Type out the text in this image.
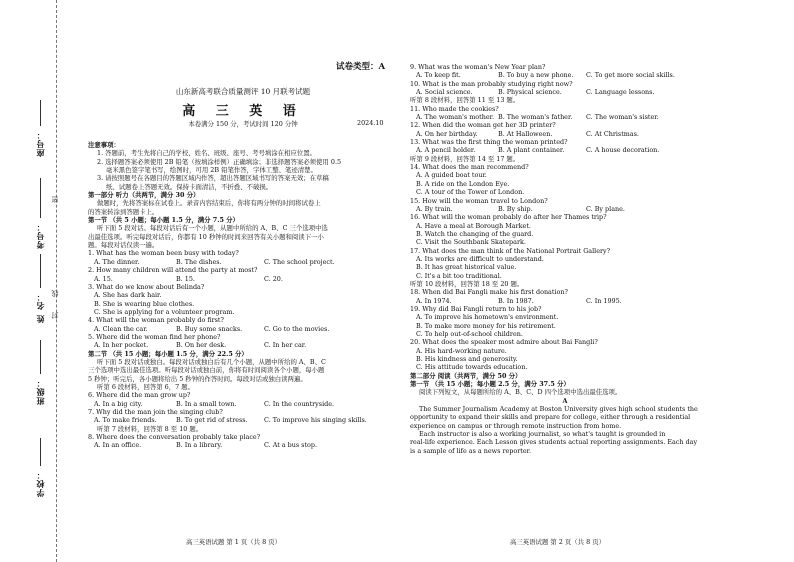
学校：
班级：
姓 名：
考号：
座号：
线
封
密
试卷类型：A
山东新高考联合质量测评 10 月联考试题
高 三 英 语
本卷满分 150 分，考试时间 120 分钟	2024.10
注意事项：
1. 答题前，考生先将自己的学校、姓名、班级、座号、考号填涂在相应位置。
2. 选择题答案必须使用 2B 铅笔（按填涂样例）正确填涂；非选择题答案必须使用 0.5
毫米黑色签字笔书写，绘图时，可用 2B 铅笔作答，字体工整、笔迹清楚。
3. 请按照题号在各题目的答题区域内作答，超出答题区域书写的答案无效；在草稿
纸、试题卷上答题无效。保持卡面清洁，不折叠、不破损。
第一部分 听力（共两节，满分 30 分）
做题时，先将答案标在试卷上。录音内容结束后，你将有两分钟的时间将试卷上
的答案转涂到答题卡上。
第一节 （共 5 小题；每小题 1.5 分，满分 7.5 分）
听下面 5 段对话。每段对话后有一个小题，从题中所给的 A、B、C 三个选项中选
出最佳选项。听完每段对话后，你都有 10 秒钟的时间来回答有关小题和阅读下一小
题。每段对话仅读一遍。
1. What has the woman been busy with today?
A. The dinner.	B. The dishes.	C. The school project.
2. How many children will attend the party at most?
A. 15.	B. 15.	C. 20.
3. What do we know about Belinda?
A. She has dark hair.
B. She is wearing blue clothes.
C. She is applying for a volunteer program.
4. What will the woman probably do first?
A. Clean the car.	B. Buy some snacks.	C. Go to the movies.
5. Where did the woman find her phone?
A. In her pocket.	B. On her desk.	C. In her car.
第二节 （共 15 小题；每小题 1.5 分，满分 22.5 分）
听下面 5 段对话或独白。每段对话或独白后有几个小题，从题中所给的 A、B、C
三个选项中选出最佳选项。听每段对话或独白前，你将有时间阅读各个小题，每小题
5 秒钟；听完后，各小题将给出 5 秒钟的作答时间。每段对话或独白读两遍。
听第 6 段材料，回答第 6，7 题。
6. Where did the man grow up?
A. In a big city.	B. In a small town.	C. In the countryside.
7. Why did the man join the singing club?
A. To make friends.	B. To get rid of stress.	C. To improve his singing skills.
听第 7 段材料，回答第 8 至 10 题。
8. Where does the conversation probably take place?
A. In an office.	B. In a library.	C. At a bus stop.
9. What was the woman's New Year plan?
A. To keep fit.	B. To buy a new phone. C. To get more social skills.
10. What is the man probably studying right now?
A. Social science.	B. Physical science.	C. Language lessons.
听第 8 段材料，回答第 11 至 13 题。
11. Who made the cookies?
A. The woman's mother. B. The woman's father. C. The woman's sister.
12. When did the woman get her 3D printer?
A. On her birthday.	B. At Halloween.	C. At Christmas.
13. What was the first thing the woman printed?
A. A pencil holder.	B. A plant container.	C. A house decoration.
听第 9 段材料，回答第 14 至 17 题。
14. What does the man recommend?
A. A guided boat tour.
B. A ride on the London Eye.
C. A tour of the Tower of London.
15. How will the woman travel to London?
A. By train.	B. By ship.	C. By plane.
16. What will the woman probably do after her Thames trip?
A. Have a meal at Borough Market.
B. Watch the changing of the guard.
C. Visit the Southbank Skatepark.
17. What does the man think of the National Portrait Gallery?
A. Its works are difficult to understand.
B. It has great historical value.
C. It's a bit too traditional.
听第 10 段材料，回答第 18 至 20 题。
18. When did Bai Fangli make his first donation?
A. In 1974.	B. In 1987.	C. In 1995.
19. Why did Bai Fangli return to his job?
A. To improve his hometown's environment.
B. To make more money for his retirement.
C. To help out-of-school children.
20. What does the speaker most admire about Bai Fangli?
A. His hard-working nature.
B. His kindness and generosity.
C. His attitude towards education.
第二部分 阅读（共两节，满分 50 分）
第一节 （共 15 小题；每小题 2.5 分，满分 37.5 分）
阅读下列短文，从每题所给的 A、B、C、D 四个选项中选出最佳选项。
A
The Summer Journalism Academy at Boston University gives high school students the
opportunity to expand their skills and prepare for college, either through a residential
experience on campus or through remote instruction from home.
Each instructor is also a working journalist, so what's taught is grounded in
real-life experience. Each Lesson gives students actual reporting assignments. Each day
is a sample of life as a news reporter.
高三英语试题 第 1 页（共 8 页）	高三英语试题 第 2 页（共 8 页）
